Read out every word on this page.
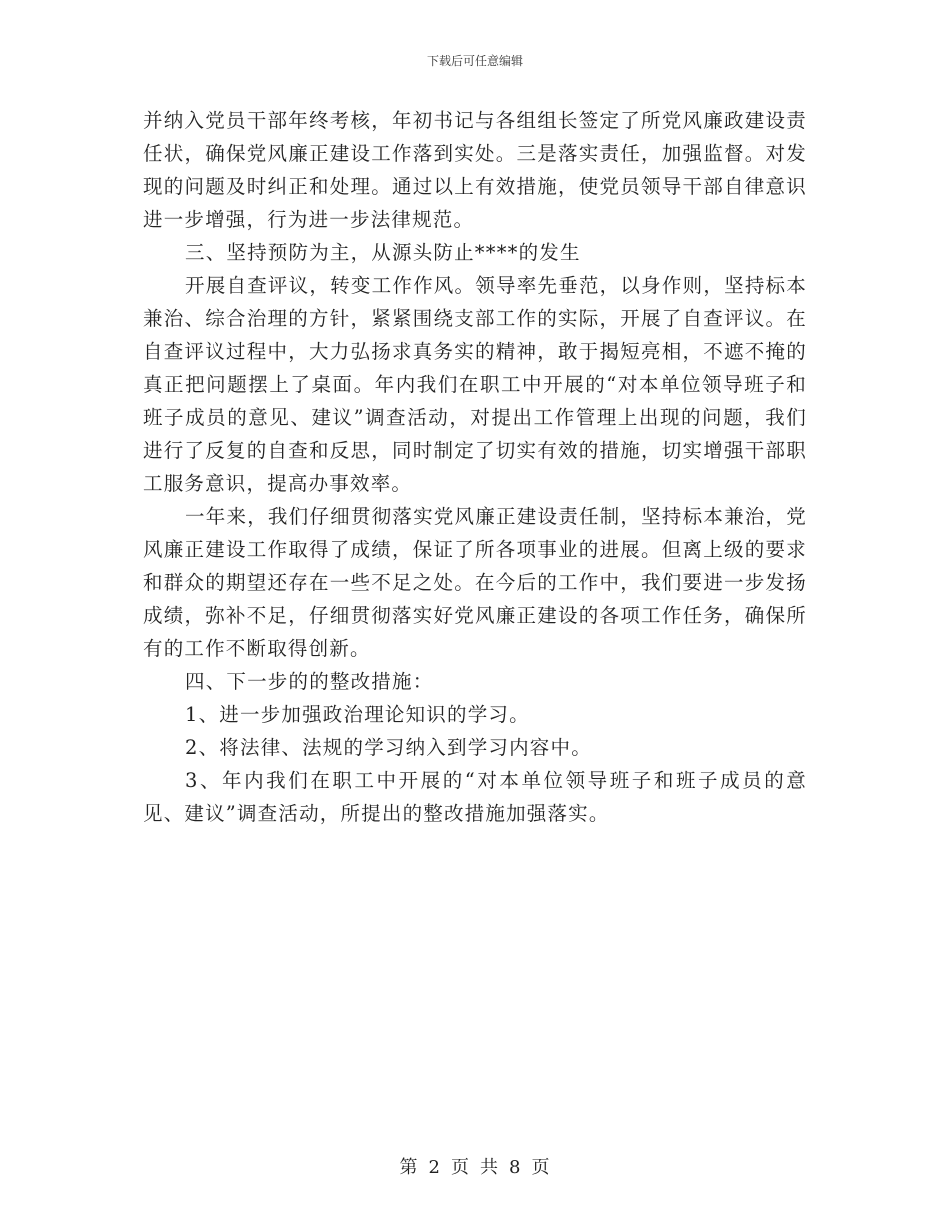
下载后可任意编辑

并纳入党员干部年终考核，年初书记与各组组长签定了所党风廉政建设责任状，确保党风廉正建设工作落到实处。三是落实责任，加强监督。对发现的问题及时纠正和处理。通过以上有效措施，使党员领导干部自律意识进一步增强，行为进一步法律规范。

三、坚持预防为主，从源头防止****的发生

开展自查评议，转变工作作风。领导率先垂范，以身作则，坚持标本兼治、综合治理的方针，紧紧围绕支部工作的实际，开展了自查评议。在自查评议过程中，大力弘扬求真务实的精神，敢于揭短亮相，不遮不掩的真正把问题摆上了桌面。年内我们在职工中开展的“对本单位领导班子和班子成员的意见、建议”调查活动，对提出工作管理上出现的问题，我们进行了反复的自查和反思，同时制定了切实有效的措施，切实增强干部职工服务意识，提高办事效率。

一年来，我们仔细贯彻落实党风廉正建设责任制，坚持标本兼治，党风廉正建设工作取得了成绩，保证了所各项事业的进展。但离上级的要求和群众的期望还存在一些不足之处。在今后的工作中，我们要进一步发扬成绩，弥补不足，仔细贯彻落实好党风廉正建设的各项工作任务，确保所有的工作不断取得创新。

四、下一步的的整改措施：

1、进一步加强政治理论知识的学习。

2、将法律、法规的学习纳入到学习内容中。

3、年内我们在职工中开展的“对本单位领导班子和班子成员的意见、建议”调查活动，所提出的整改措施加强落实。

第 2 页 共 8 页
